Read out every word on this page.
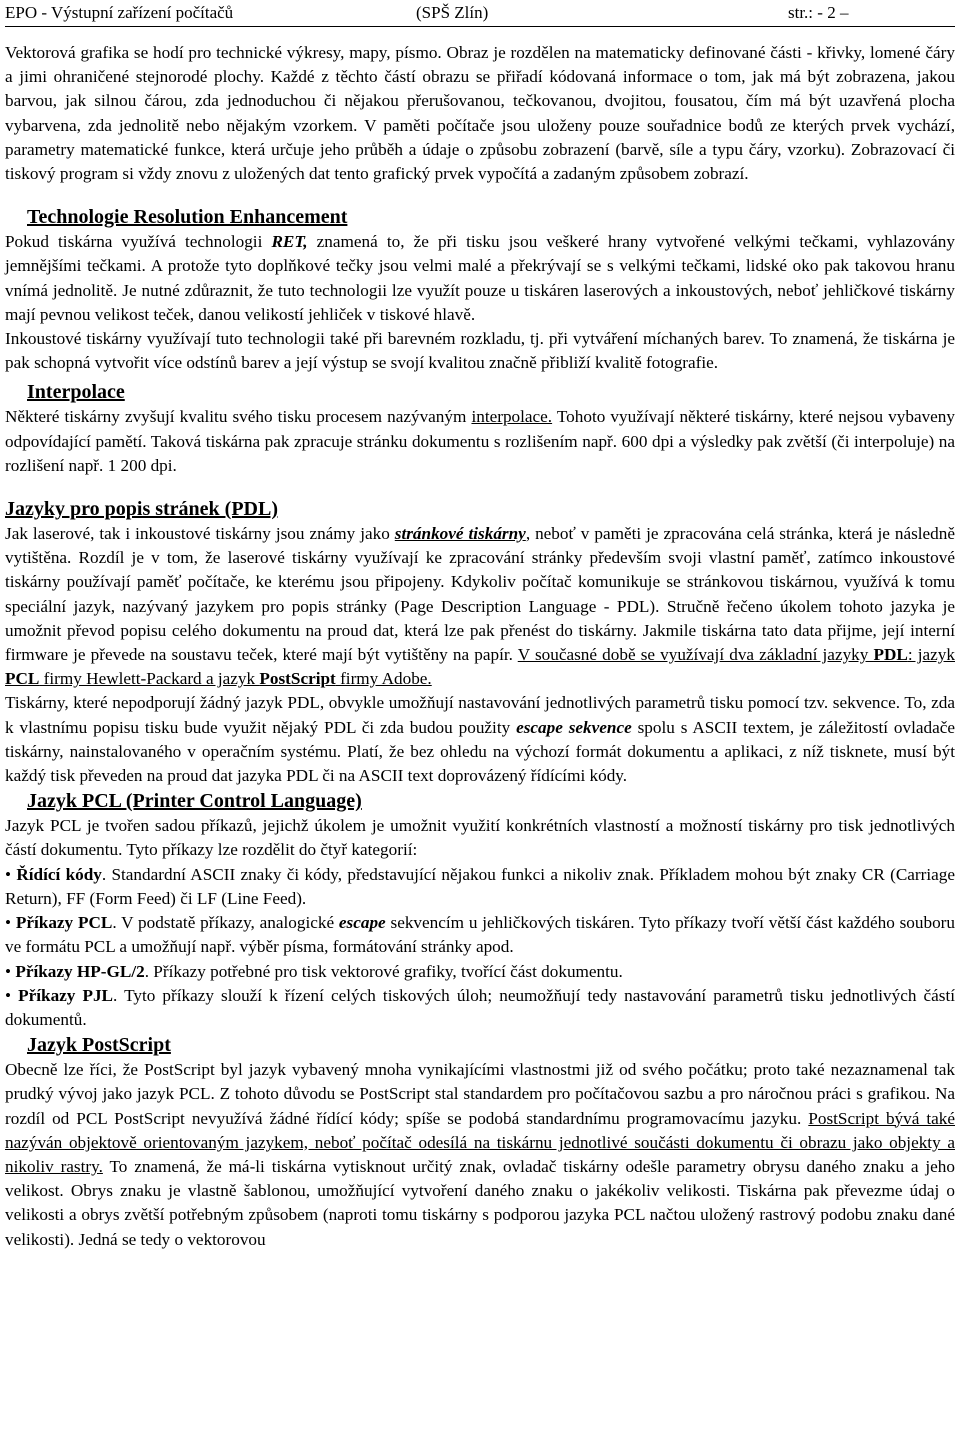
EPO - Výstupní zařízení počítačů	(SPŠ Zlín)	str.: - 2 –

Vektorová grafika se hodí pro technické výkresy, mapy, písmo. Obraz je rozdělen na matematicky definované části - křivky, lomené čáry a jimi ohraničené stejnorodé plochy. Každé z těchto částí obrazu se přiřadí kódovaná informace o tom, jak má být zobrazena, jakou barvou, jak silnou čárou, zda jednoduchou či nějakou přerušovanou, tečkovanou, dvojitou, fousatou, čím má být uzavřená plocha vybarvena, zda jednolitě nebo nějakým vzorkem. V paměti počítače jsou uloženy pouze souřadnice bodů ze kterých prvek vychází, parametry matematické funkce, která určuje jeho průběh a údaje o způsobu zobrazení (barvě, síle a typu čáry, vzorku). Zobrazovací či tiskový program si vždy znovu z uložených dat tento grafický prvek vypočítá a zadaným způsobem zobrazí.

Technologie Resolution Enhancement

Pokud tiskárna využívá technologii RET, znamená to, že při tisku jsou veškeré hrany vytvořené velkými tečkami, vyhlazovány jemnějšími tečkami. A protože tyto doplňkové tečky jsou velmi malé a překrývají se s velkými tečkami, lidské oko pak takovou hranu vnímá jednolitě. Je nutné zdůraznit, že tuto technologii lze využít pouze u tiskáren laserových a inkoustových, neboť jehličkové tiskárny mají pevnou velikost teček, danou velikostí jehliček v tiskové hlavě.

Inkoustové tiskárny využívají tuto technologii také při barevném rozkladu, tj. při vytváření míchaných barev. To znamená, že tiskárna je pak schopná vytvořit více odstínů barev a její výstup se svojí kvalitou značně přibliží kvalitě fotografie.

Interpolace

Některé tiskárny zvyšují kvalitu svého tisku procesem nazývaným interpolace. Tohoto využívají některé tiskárny, které nejsou vybaveny odpovídající pamětí. Taková tiskárna pak zpracuje stránku dokumentu s rozlišením např. 600 dpi a výsledky pak zvětší (či interpoluje) na rozlišení např. 1 200 dpi.

Jazyky pro popis stránek (PDL)

Jak laserové, tak i inkoustové tiskárny jsou známy jako stránkové tiskárny, neboť v paměti je zpracována celá stránka, která je následně vytištěna. Rozdíl je v tom, že laserové tiskárny využívají ke zpracování stránky především svoji vlastní paměť, zatímco inkoustové tiskárny používají paměť počítače, ke kterému jsou připojeny. Kdykoliv počítač komunikuje se stránkovou tiskárnou, využívá k tomu speciální jazyk, nazývaný jazykem pro popis stránky (Page Description Language - PDL). Stručně řečeno úkolem tohoto jazyka je umožnit převod popisu celého dokumentu na proud dat, která lze pak přenést do tiskárny. Jakmile tiskárna tato data přijme, její interní firmware je převede na soustavu teček, které mají být vytištěny na papír. V současné době se využívají dva základní jazyky PDL: jazyk PCL firmy Hewlett-Packard a jazyk PostScript firmy Adobe.

Tiskárny, které nepodporují žádný jazyk PDL, obvykle umožňují nastavování jednotlivých parametrů tisku pomocí tzv. sekvence. To, zda k vlastnímu popisu tisku bude využit nějaký PDL či zda budou použity escape sekvence spolu s ASCII textem, je záležitostí ovladače tiskárny, nainstalovaného v operačním systému. Platí, že bez ohledu na výchozí formát dokumentu a aplikaci, z níž tisknete, musí být každý tisk převeden na proud dat jazyka PDL či na ASCII text doprovázený řídícími kódy.

Jazyk PCL (Printer Control Language)

Jazyk PCL je tvořen sadou příkazů, jejichž úkolem je umožnit využití konkrétních vlastností a možností tiskárny pro tisk jednotlivých částí dokumentu. Tyto příkazy lze rozdělit do čtyř kategorií:

• Řídící kódy. Standardní ASCII znaky či kódy, představující nějakou funkci a nikoliv znak. Příkladem mohou být znaky CR (Carriage Return), FF (Form Feed) či LF (Line Feed).

• Příkazy PCL. V podstatě příkazy, analogické escape sekvencím u jehličkových tiskáren. Tyto příkazy tvoří větší část každého souboru ve formátu PCL a umožňují např. výběr písma, formátování stránky apod.

• Příkazy HP-GL/2. Příkazy potřebné pro tisk vektorové grafiky, tvořící část dokumentu.

• Příkazy PJL. Tyto příkazy slouží k řízení celých tiskových úloh; neumožňují tedy nastavování parametrů tisku jednotlivých částí dokumentů.

Jazyk PostScript

Obecně lze říci, že PostScript byl jazyk vybavený mnoha vynikajícími vlastnostmi již od svého počátku; proto také nezaznamenal tak prudký vývoj jako jazyk PCL. Z tohoto důvodu se PostScript stal standardem pro počítačovou sazbu a pro náročnou práci s grafikou. Na rozdíl od PCL PostScript nevyužívá žádné řídící kódy; spíše se podobá standardnímu programovacímu jazyku. PostScript bývá také nazýván objektově orientovaným jazykem, neboť počítač odesílá na tiskárnu jednotlivé součásti dokumentu či obrazu jako objekty a nikoliv rastry. To znamená, že má-li tiskárna vytisknout určitý znak, ovladač tiskárny odešle parametry obrysu daného znaku a jeho velikost. Obrys znaku je vlastně šablonou, umožňující vytvoření daného znaku o jakékoliv velikosti. Tiskárna pak převezme údaj o velikosti a obrys zvětší potřebným způsobem (naproti tomu tiskárny s podporou jazyka PCL načtou uložený rastrový podobu znaku dané velikosti). Jedná se tedy o vektorovou
